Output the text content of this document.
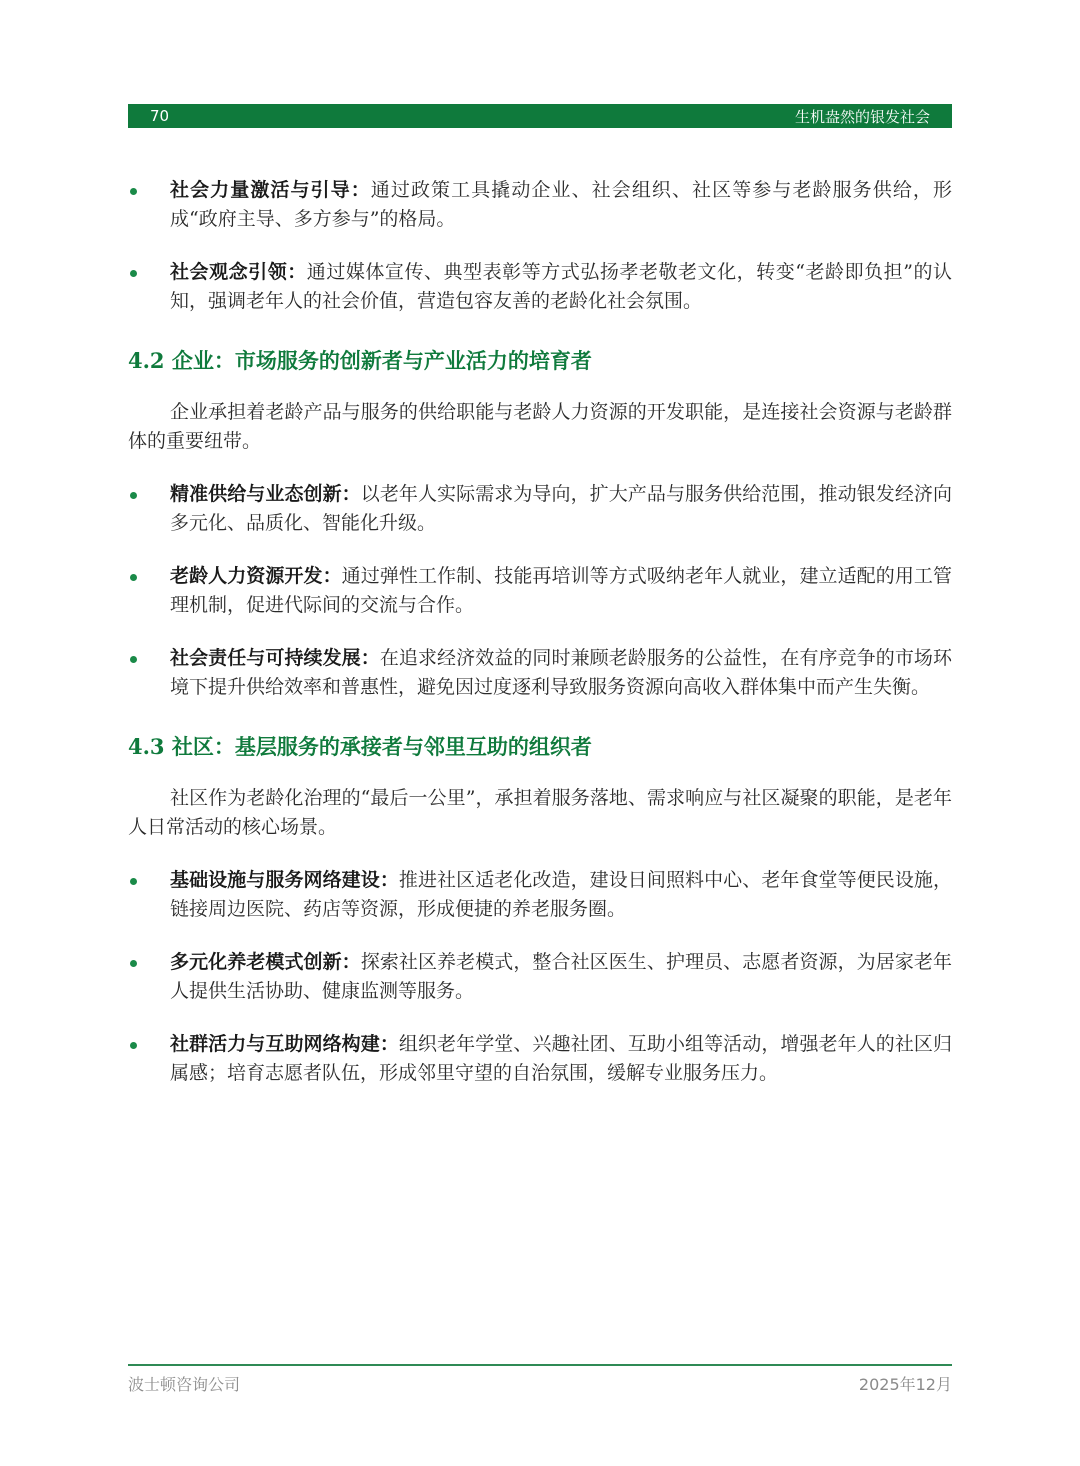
70	生机盎然的银发社会
社会力量激活与引导：通过政策工具撬动企业、社会组织、社区等参与老龄服务供给，形成“政府主导、多方参与”的格局。
社会观念引领：通过媒体宣传、典型表彰等方式弘扬孝老敬老文化，转变“老龄即负担”的认知，强调老年人的社会价值，营造包容友善的老龄化社会氛围。
4.2 企业：市场服务的创新者与产业活力的培育者

企业承担着老龄产品与服务的供给职能与老龄人力资源的开发职能，是连接社会资源与老龄群体的重要纽带。

精准供给与业态创新：以老年人实际需求为导向，扩大产品与服务供给范围，推动银发经济向多元化、品质化、智能化升级。
老龄人力资源开发：通过弹性工作制、技能再培训等方式吸纳老年人就业，建立适配的用工管理机制，促进代际间的交流与合作。
社会责任与可持续发展：在追求经济效益的同时兼顾老龄服务的公益性，在有序竞争的市场环境下提升供给效率和普惠性，避免因过度逐利导致服务资源向高收入群体集中而产生失衡。
4.3 社区：基层服务的承接者与邻里互助的组织者

社区作为老龄化治理的“最后一公里”，承担着服务落地、需求响应与社区凝聚的职能，是老年人日常活动的核心场景。

基础设施与服务网络建设：推进社区适老化改造，建设日间照料中心、老年食堂等便民设施，链接周边医院、药店等资源，形成便捷的养老服务圈。
多元化养老模式创新：探索社区养老模式，整合社区医生、护理员、志愿者资源，为居家老年人提供生活协助、健康监测等服务。
社群活力与互助网络构建：组织老年学堂、兴趣社团、互助小组等活动，增强老年人的社区归属感；培育志愿者队伍，形成邻里守望的自治氛围，缓解专业服务压力。
波士顿咨询公司	2025年12月
